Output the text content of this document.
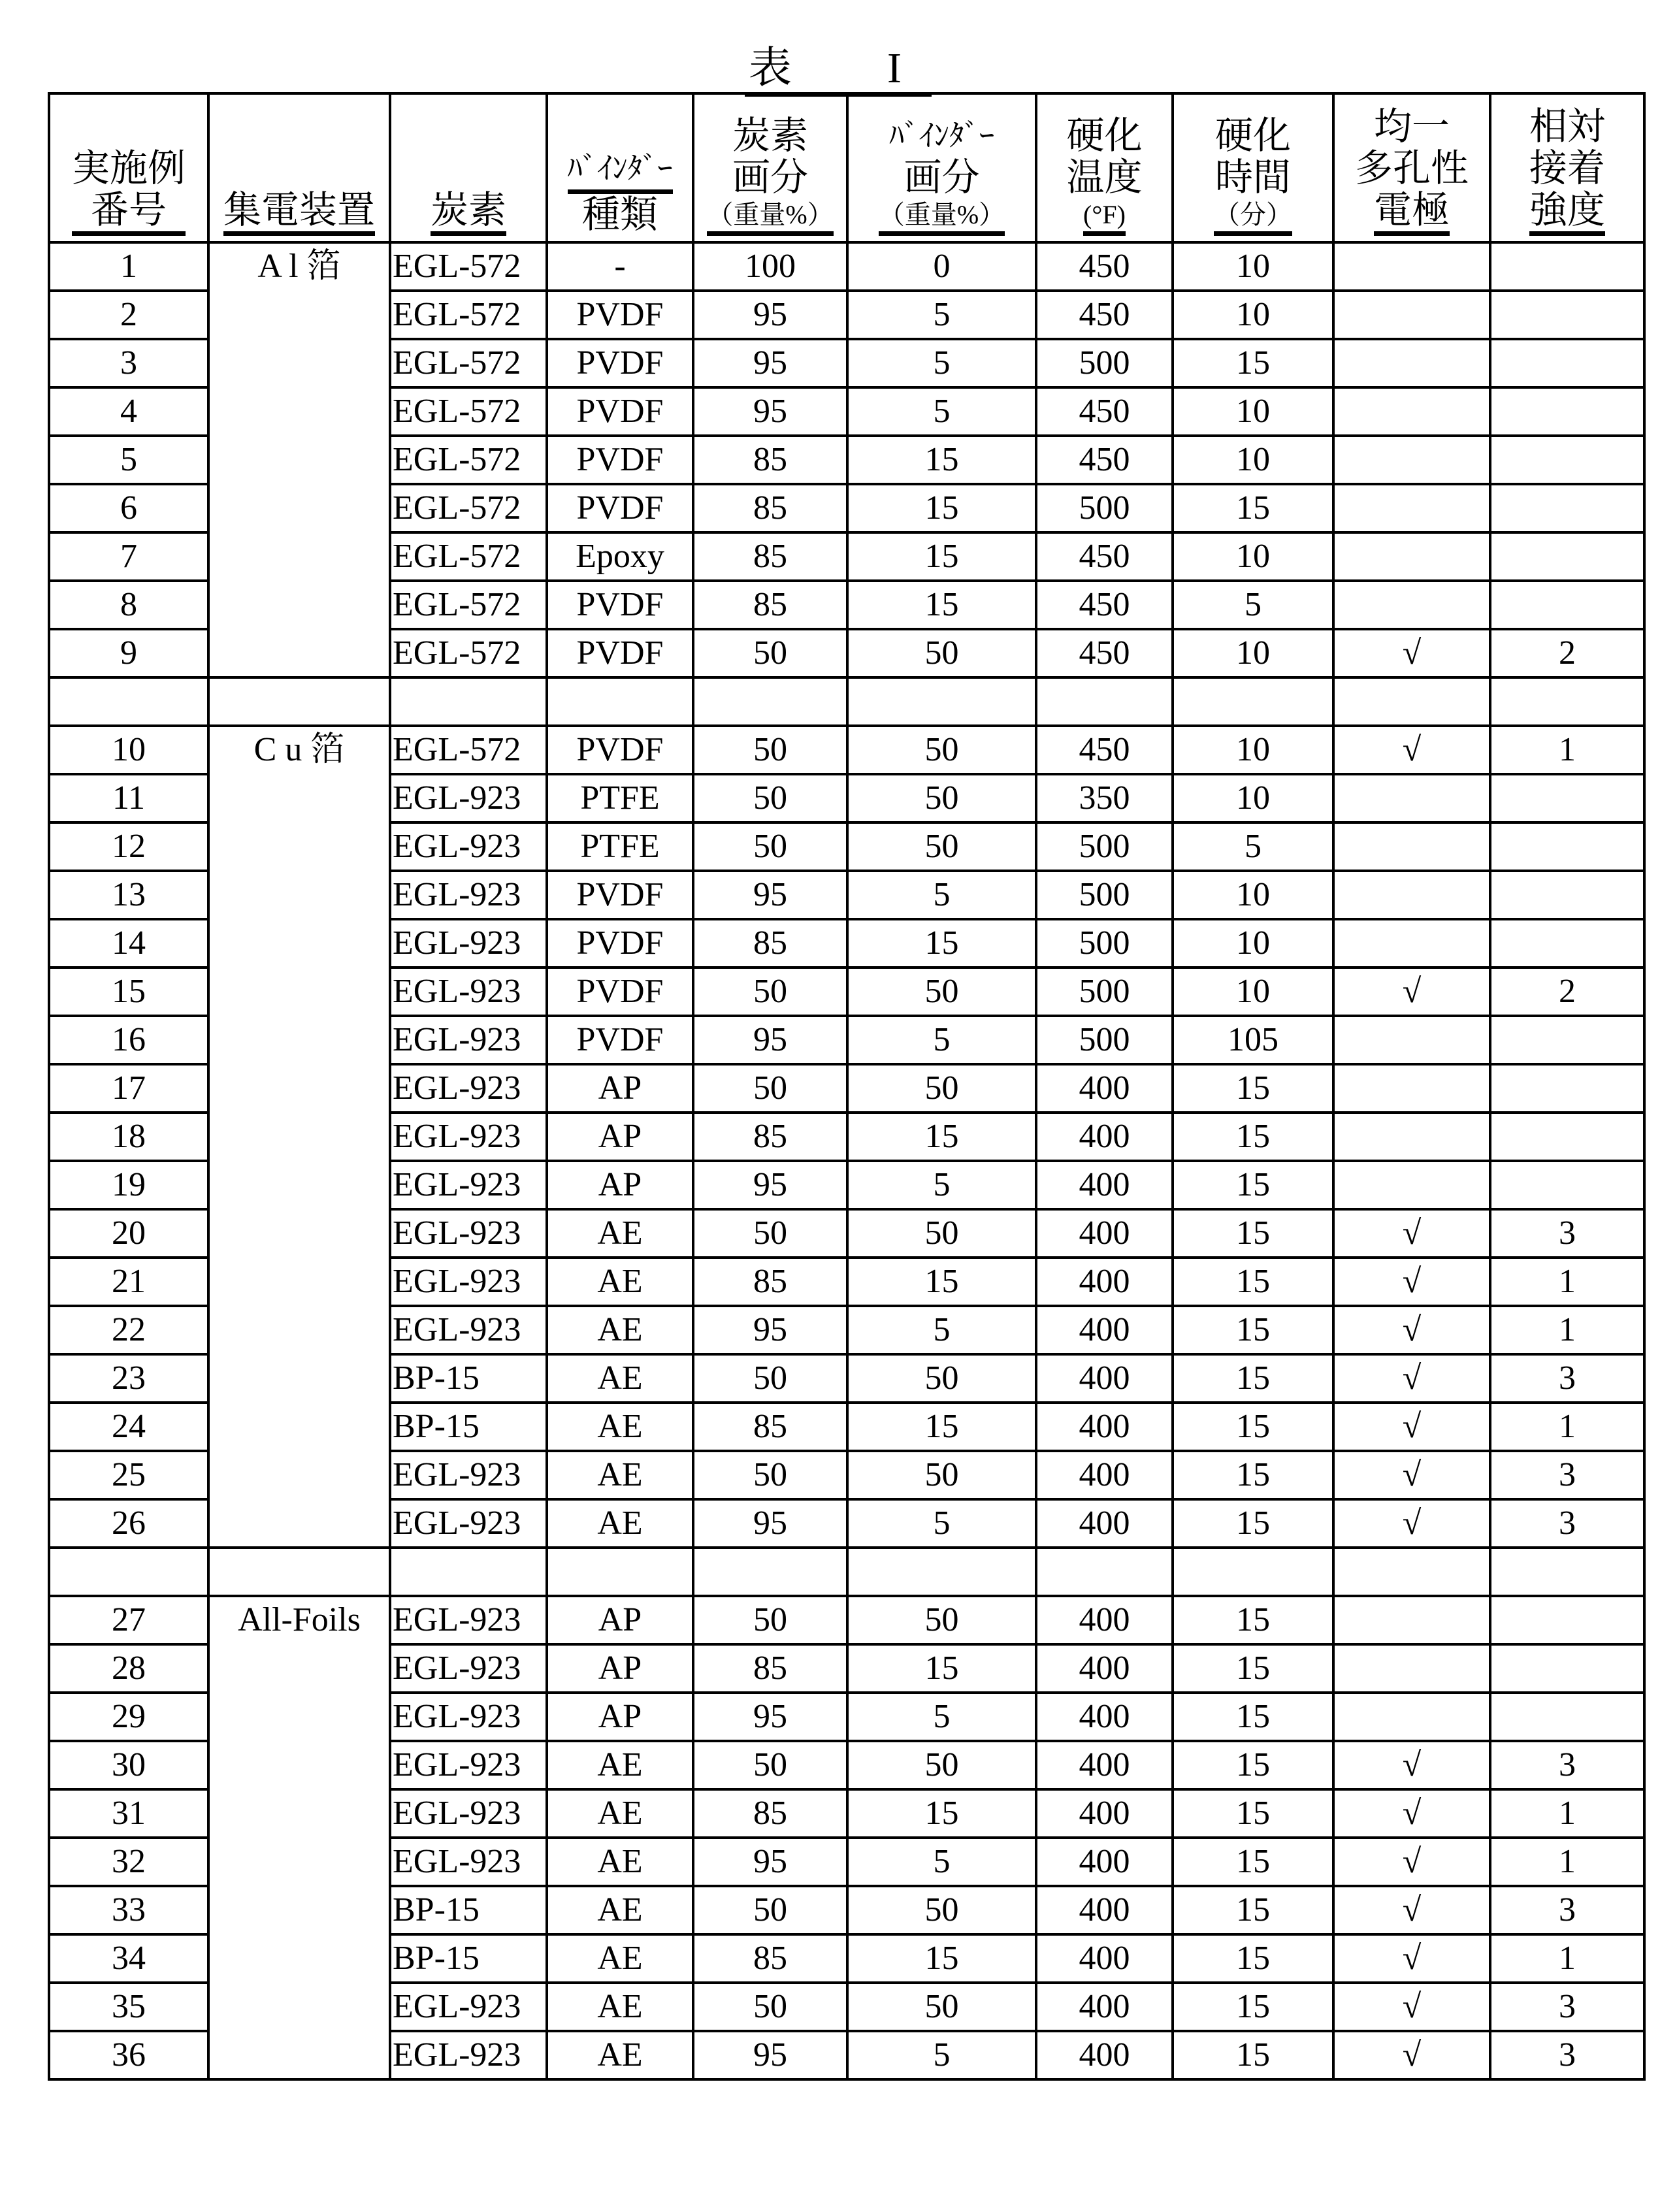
表　I
実施例
番号	集電装置	炭素	ﾊﾞｲﾝﾀﾞｰ
種類	炭素
画分
（重量%）
	ﾊﾞｲﾝﾀﾞｰ
画分
（重量%）
	硬化
温度
(°F)
	硬化
時間
（分）
	均一
多孔性
電極	相対
接着
強度
1	A l 箔	EGL-572	-	100	0	450	10		
2	EGL-572	PVDF	95	5	450	10		
3	EGL-572	PVDF	95	5	500	15		
4	EGL-572	PVDF	95	5	450	10		
5	EGL-572	PVDF	85	15	450	10		
6	EGL-572	PVDF	85	15	500	15		
7	EGL-572	Epoxy	85	15	450	10		
8	EGL-572	PVDF	85	15	450	5		
9	EGL-572	PVDF	50	50	450	10	√	2

10	C u 箔	EGL-572	PVDF	50	50	450	10	√	1
11	EGL-923	PTFE	50	50	350	10		
12	EGL-923	PTFE	50	50	500	5		
13	EGL-923	PVDF	95	5	500	10		
14	EGL-923	PVDF	85	15	500	10		
15	EGL-923	PVDF	50	50	500	10	√	2
16	EGL-923	PVDF	95	5	500	105		
17	EGL-923	AP	50	50	400	15		
18	EGL-923	AP	85	15	400	15		
19	EGL-923	AP	95	5	400	15		
20	EGL-923	AE	50	50	400	15	√	3
21	EGL-923	AE	85	15	400	15	√	1
22	EGL-923	AE	95	5	400	15	√	1
23	BP-15	AE	50	50	400	15	√	3
24	BP-15	AE	85	15	400	15	√	1
25	EGL-923	AE	50	50	400	15	√	3
26	EGL-923	AE	95	5	400	15	√	3

27	All-Foils	EGL-923	AP	50	50	400	15		
28	EGL-923	AP	85	15	400	15		
29	EGL-923	AP	95	5	400	15		
30	EGL-923	AE	50	50	400	15	√	3
31	EGL-923	AE	85	15	400	15	√	1
32	EGL-923	AE	95	5	400	15	√	1
33	BP-15	AE	50	50	400	15	√	3
34	BP-15	AE	85	15	400	15	√	1
35	EGL-923	AE	50	50	400	15	√	3
36	EGL-923	AE	95	5	400	15	√	3
